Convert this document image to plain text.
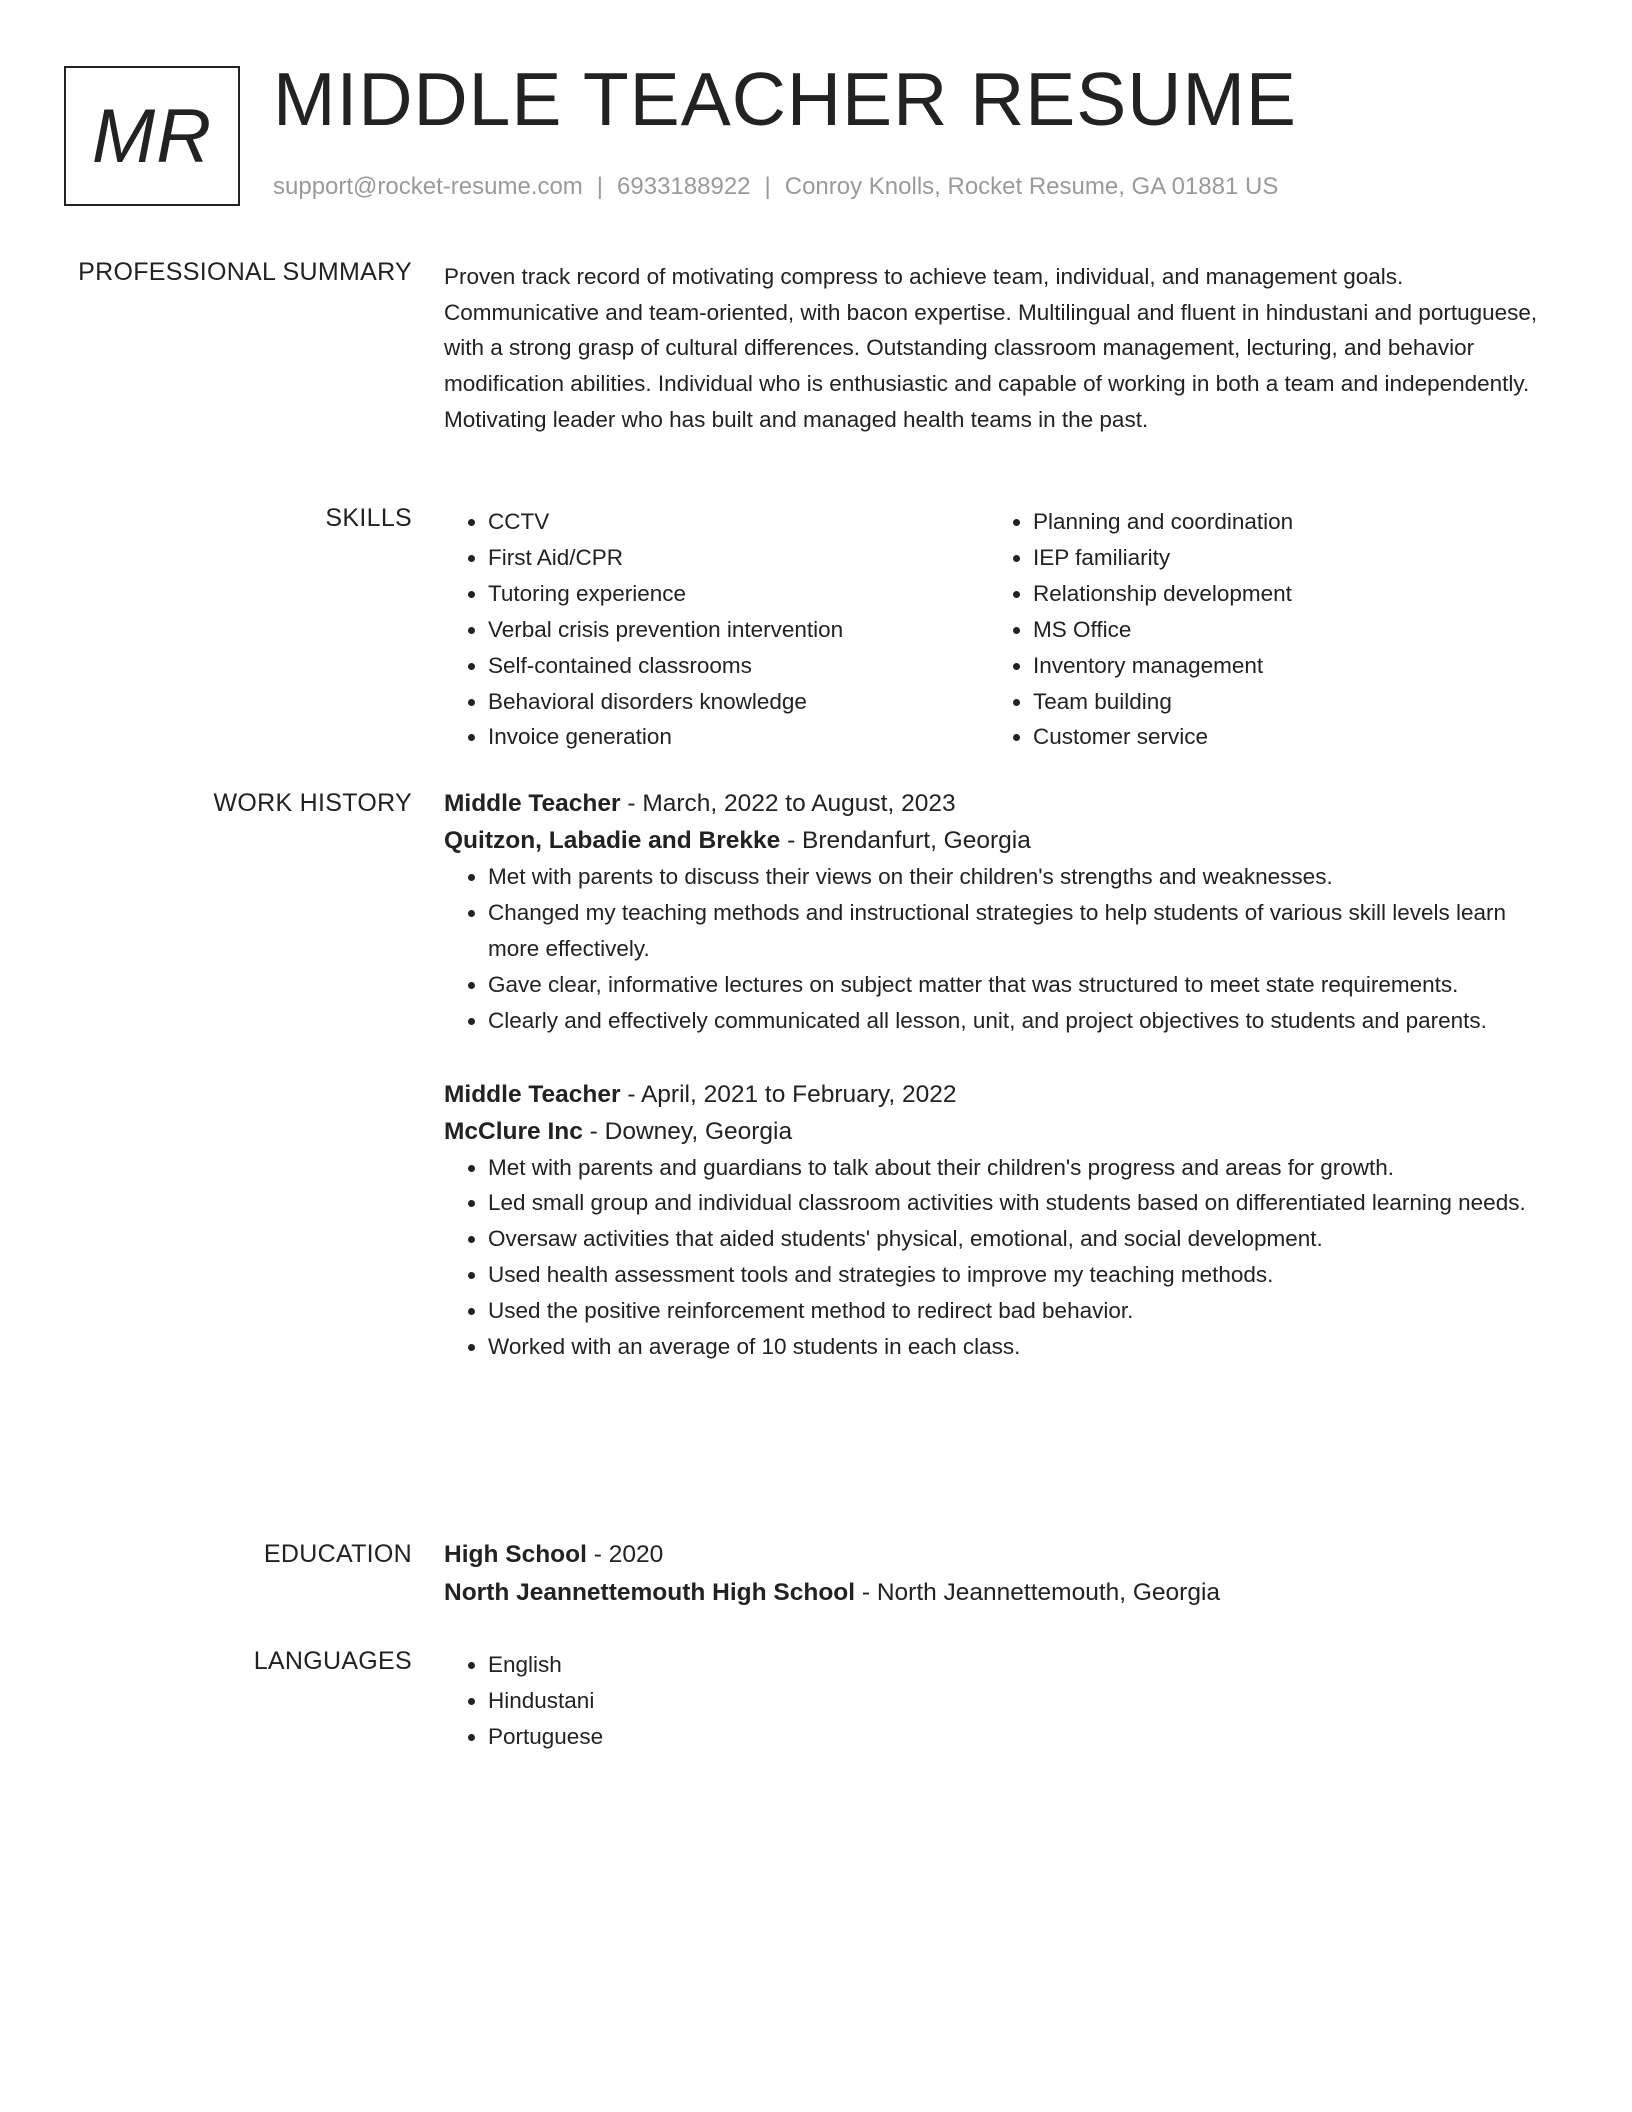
MR MIDDLE TEACHER RESUME
support@rocket-resume.com | 6933188922 | Conroy Knolls, Rocket Resume, GA 01881 US
PROFESSIONAL SUMMARY Proven track record of motivating compress to achieve team, individual, and management goals. Communicative and team-oriented, with bacon expertise. Multilingual and fluent in hindustani and portuguese, with a strong grasp of cultural differences. Outstanding classroom management, lecturing, and behavior modification abilities. Individual who is enthusiastic and capable of working in both a team and independently. Motivating leader who has built and managed health teams in the past.

SKILLS	• CCTV
• First Aid/CPR
• Tutoring experience
• Verbal crisis prevention intervention
• Self-contained classrooms
• Behavioral disorders knowledge
• Invoice generation
• Planning and coordination
• IEP familiarity
• Relationship development
• MS Office
• Inventory management
• Team building
• Customer service
WORK HISTORY Middle Teacher - March, 2022 to August, 2023
Quitzon, Labadie and Brekke - Brendanfurt, Georgia
• Met with parents to discuss their views on their children's strengths and weaknesses.
• Changed my teaching methods and instructional strategies to help students of various skill levels learn more effectively.
• Gave clear, informative lectures on subject matter that was structured to meet state requirements.
• Clearly and effectively communicated all lesson, unit, and project objectives to students and parents.
Middle Teacher - April, 2021 to February, 2022
McClure Inc - Downey, Georgia
• Met with parents and guardians to talk about their children's progress and areas for growth.
• Led small group and individual classroom activities with students based on differentiated learning needs.
• Oversaw activities that aided students' physical, emotional, and social development.
• Used health assessment tools and strategies to improve my teaching methods.
• Used the positive reinforcement method to redirect bad behavior.
• Worked with an average of 10 students in each class.
EDUCATION High School - 2020
North Jeannettemouth High School - North Jeannettemouth, Georgia
LANGUAGES	• English
• Hindustani
• Portuguese
